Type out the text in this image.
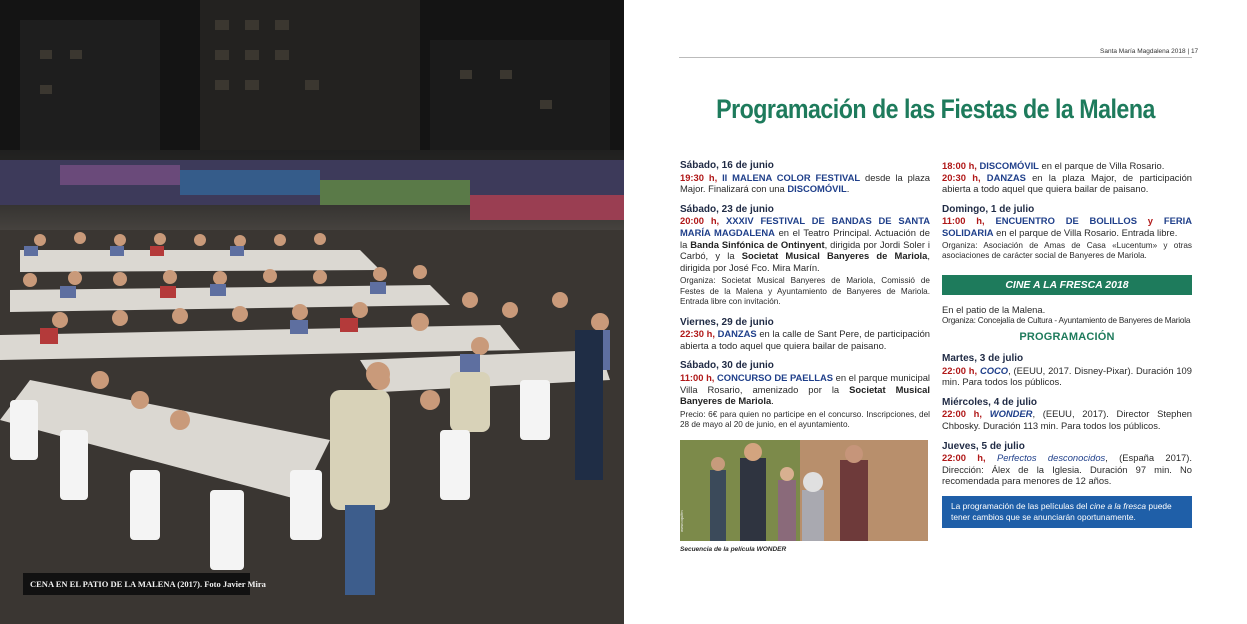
CENA EN EL PATIO DE LA MALENA (2017). Foto Javier Mira
Santa María Magdalena 2018 | 17
Programación de las Fiestas de la Malena
Sábado, 16 de junio
19:30 h, II MALENA COLOR FESTIVAL desde la plaza Major. Finalizará con una DISCOMÓVIL.
Sábado, 23 de junio
20:00 h, XXXIV FESTIVAL DE BANDAS DE SANTA MARÍA MAGDALENA en el Teatro Principal. Actuación de la Banda Sinfónica de Ontinyent, dirigida por Jordi Soler i Carbó, y la Societat Musical Banyeres de Mariola, dirigida por José Fco. Mira Marín.
Organiza: Societat Musical Banyeres de Mariola, Comissió de Festes de la Malena y Ayuntamiento de Banyeres de Mariola. Entrada libre con invitación.
Viernes, 29 de junio
22:30 h, DANZAS en la calle de Sant Pere, de participación abierta a todo aquel que quiera bailar de paisano.
Sábado, 30 de junio
11:00 h, CONCURSO DE PAELLAS en el parque municipal Villa Rosario, amenizado por la Societat Musical Banyeres de Mariola.
Precio: 6€ para quien no participe en el concurso. Inscripciones, del 28 de mayo al 20 de junio, en el ayuntamiento.
www.oquifm
Secuencia de la película WONDER
18:00 h, DISCOMÓVIL en el parque de Villa Rosario.
20:30 h, DANZAS en la plaza Major, de participación abierta a todo aquel que quiera bailar de paisano.
Domingo, 1 de julio
11:00 h, ENCUENTRO DE BOLILLOS y FERIA SOLIDARIA en el parque de Villa Rosario. Entrada libre.
Organiza: Asociación de Amas de Casa «Lucentum» y otras asociaciones de carácter social de Banyeres de Mariola.
CINE A LA FRESCA 2018
En el patio de la Malena.
Organiza: Concejalía de Cultura - Ayuntamiento de Banyeres de Mariola
PROGRAMACIÓN
Martes, 3 de julio
22:00 h, COCO, (EEUU, 2017. Disney-Pixar). Duración 109 min. Para todos los públicos.
Miércoles, 4 de julio
22:00 h, WONDER, (EEUU, 2017). Director Stephen Chbosky. Duración 113 min. Para todos los públicos.
Jueves, 5 de julio
22:00 h, Perfectos desconocidos, (España 2017). Dirección: Álex de la Iglesia. Duración 97 min. No recomendada para menores de 12 años.
La programación de las películas del cine a la fresca puede tener cambios que se anunciarán oportunamente.
